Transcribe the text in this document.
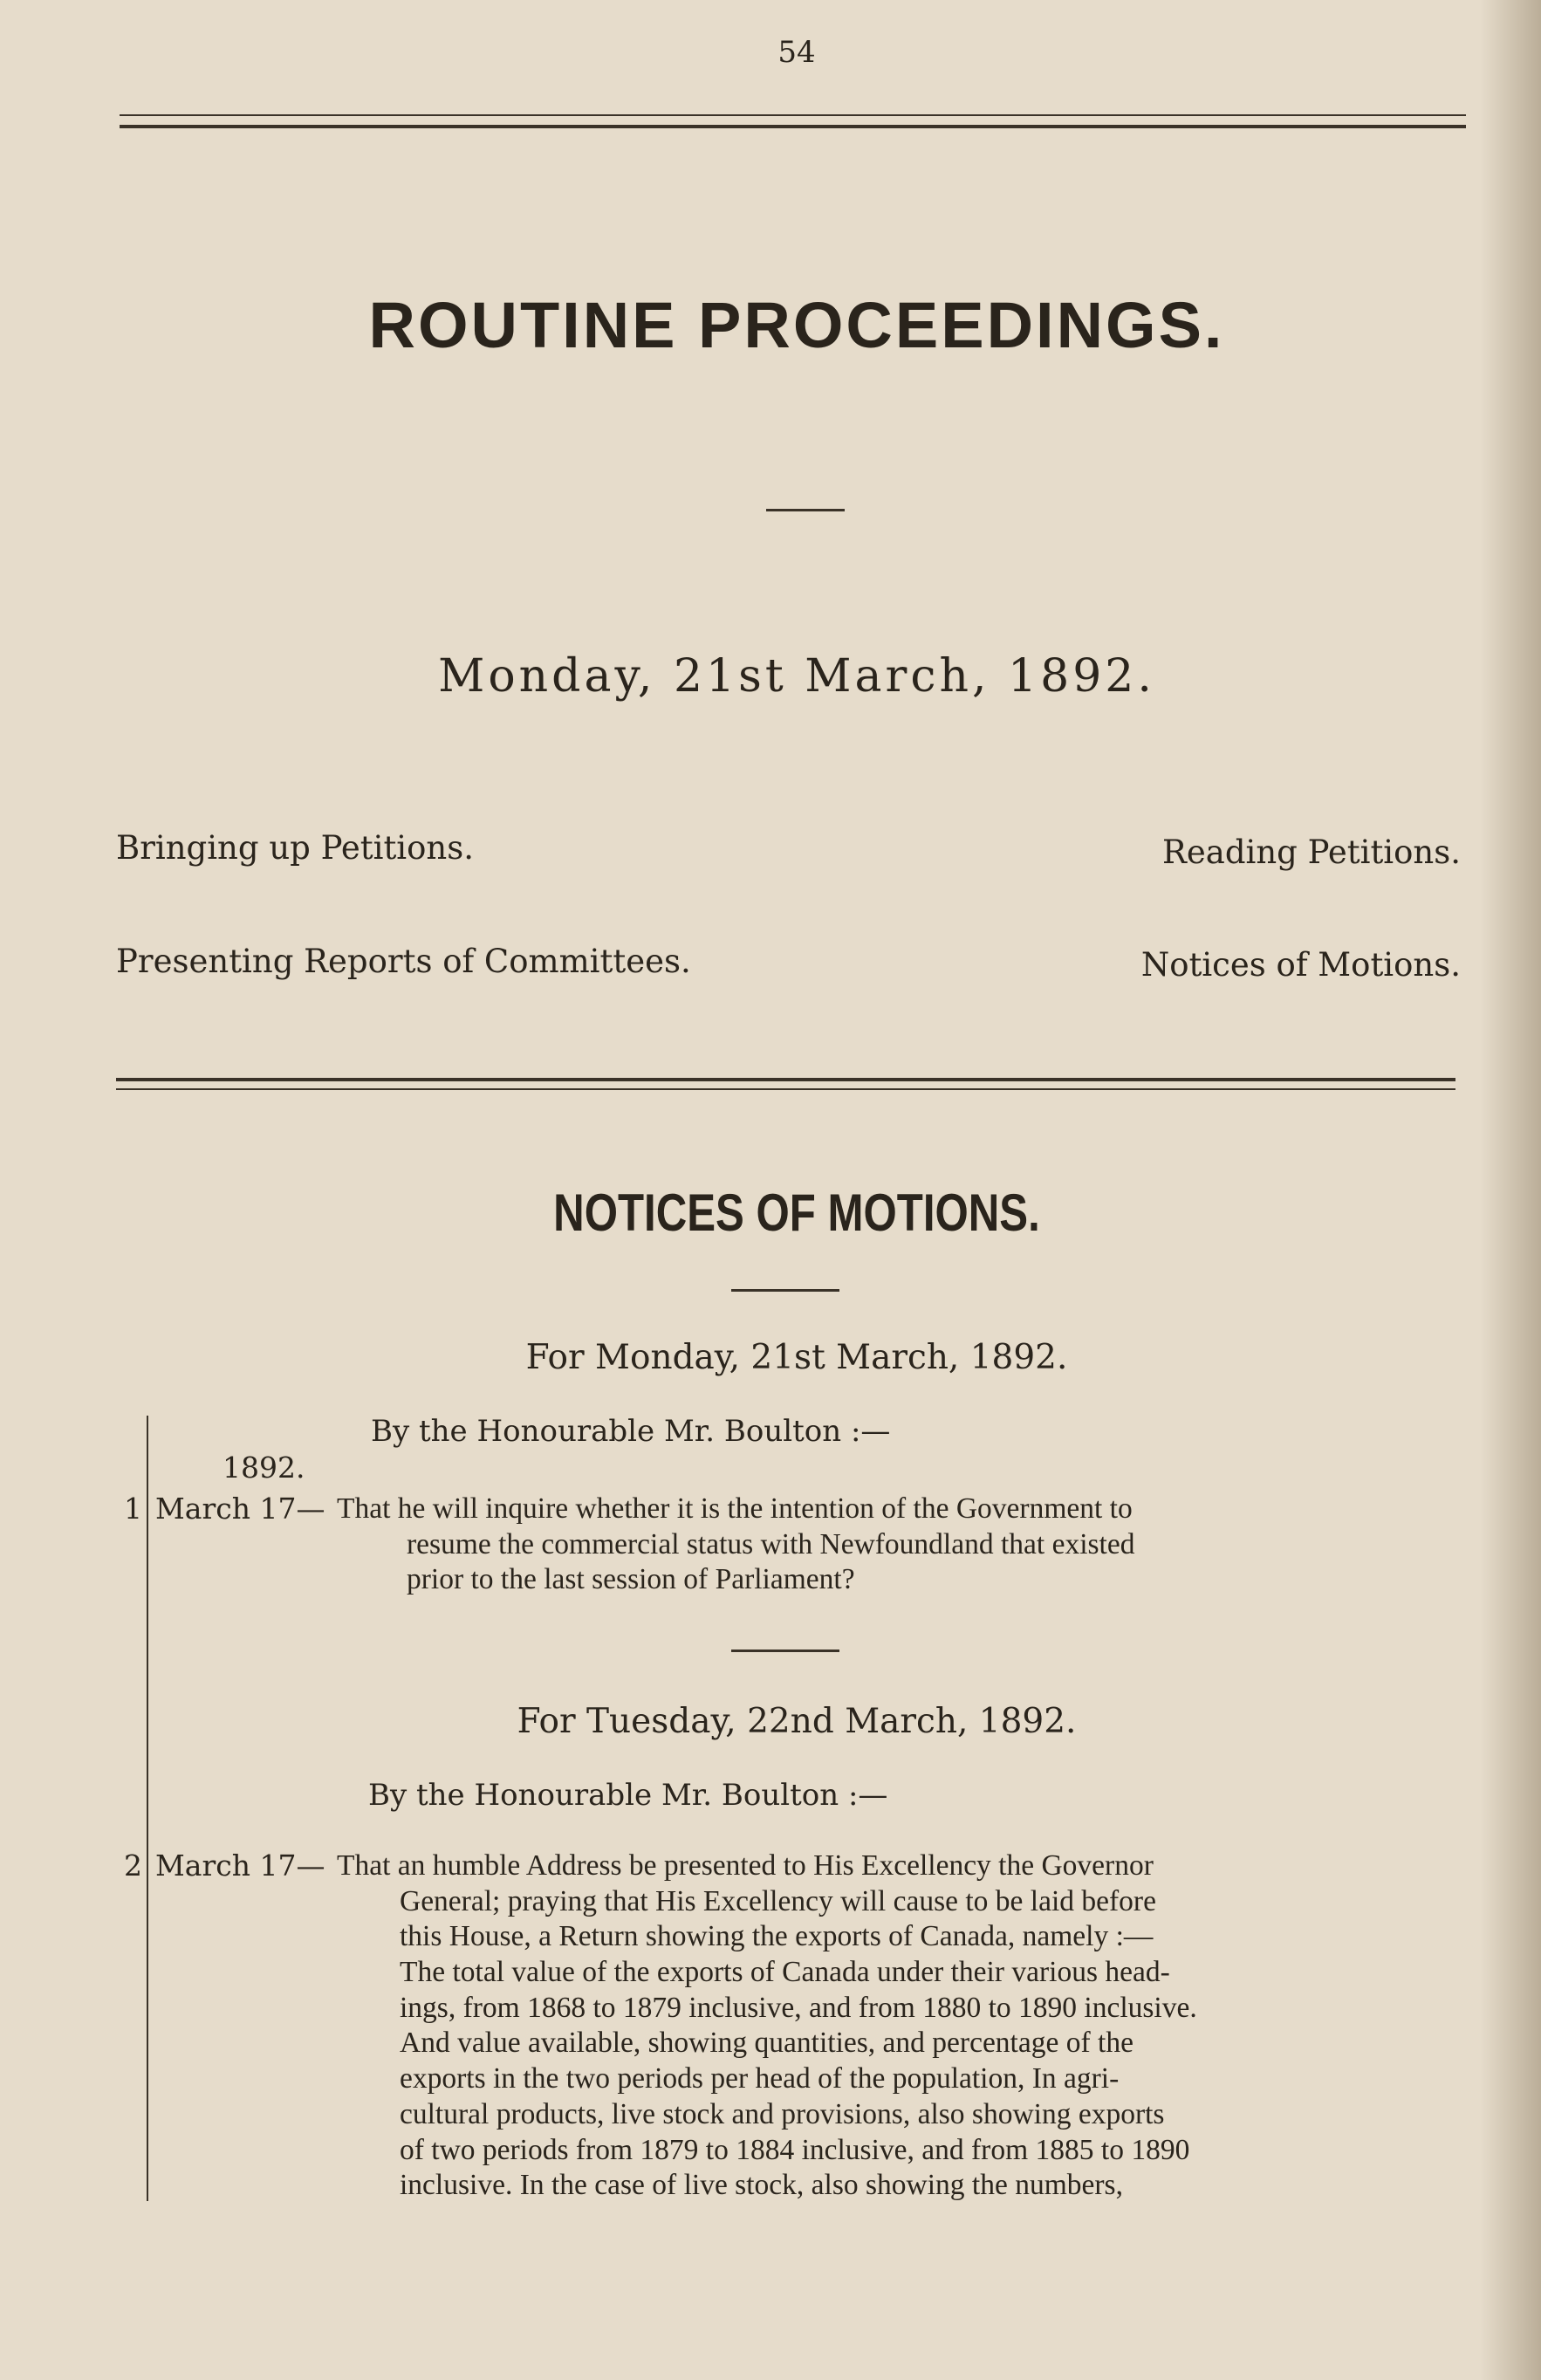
54
ROUTINE PROCEEDINGS.
Monday, 21st March, 1892.
Bringing up Petitions.	Reading Petitions.
Presenting Reports of Committees.	Notices of Motions.
NOTICES OF MOTIONS.
For Monday, 21st March, 1892.
By the Honourable Mr. Boulton :—
1892.
1 March 17— That he will inquire whether it is the intention of the Government to
resume the commercial status with Newfoundland that existed
prior to the last session of Parliament?
For Tuesday, 22nd March, 1892.
By the Honourable Mr. Boulton :—
2 March 17— That an humble Address be presented to His Excellency the Governor
General; praying that His Excellency will cause to be laid before
this House, a Return showing the exports of Canada, namely :—
The total value of the exports of Canada under their various head-
ings, from 1868 to 1879 inclusive, and from 1880 to 1890 inclusive.
And value available, showing quantities, and percentage of the
exports in the two periods per head of the population, In agri-
cultural products, live stock and provisions, also showing exports
of two periods from 1879 to 1884 inclusive, and from 1885 to 1890
inclusive. In the case of live stock, also showing the numbers,
